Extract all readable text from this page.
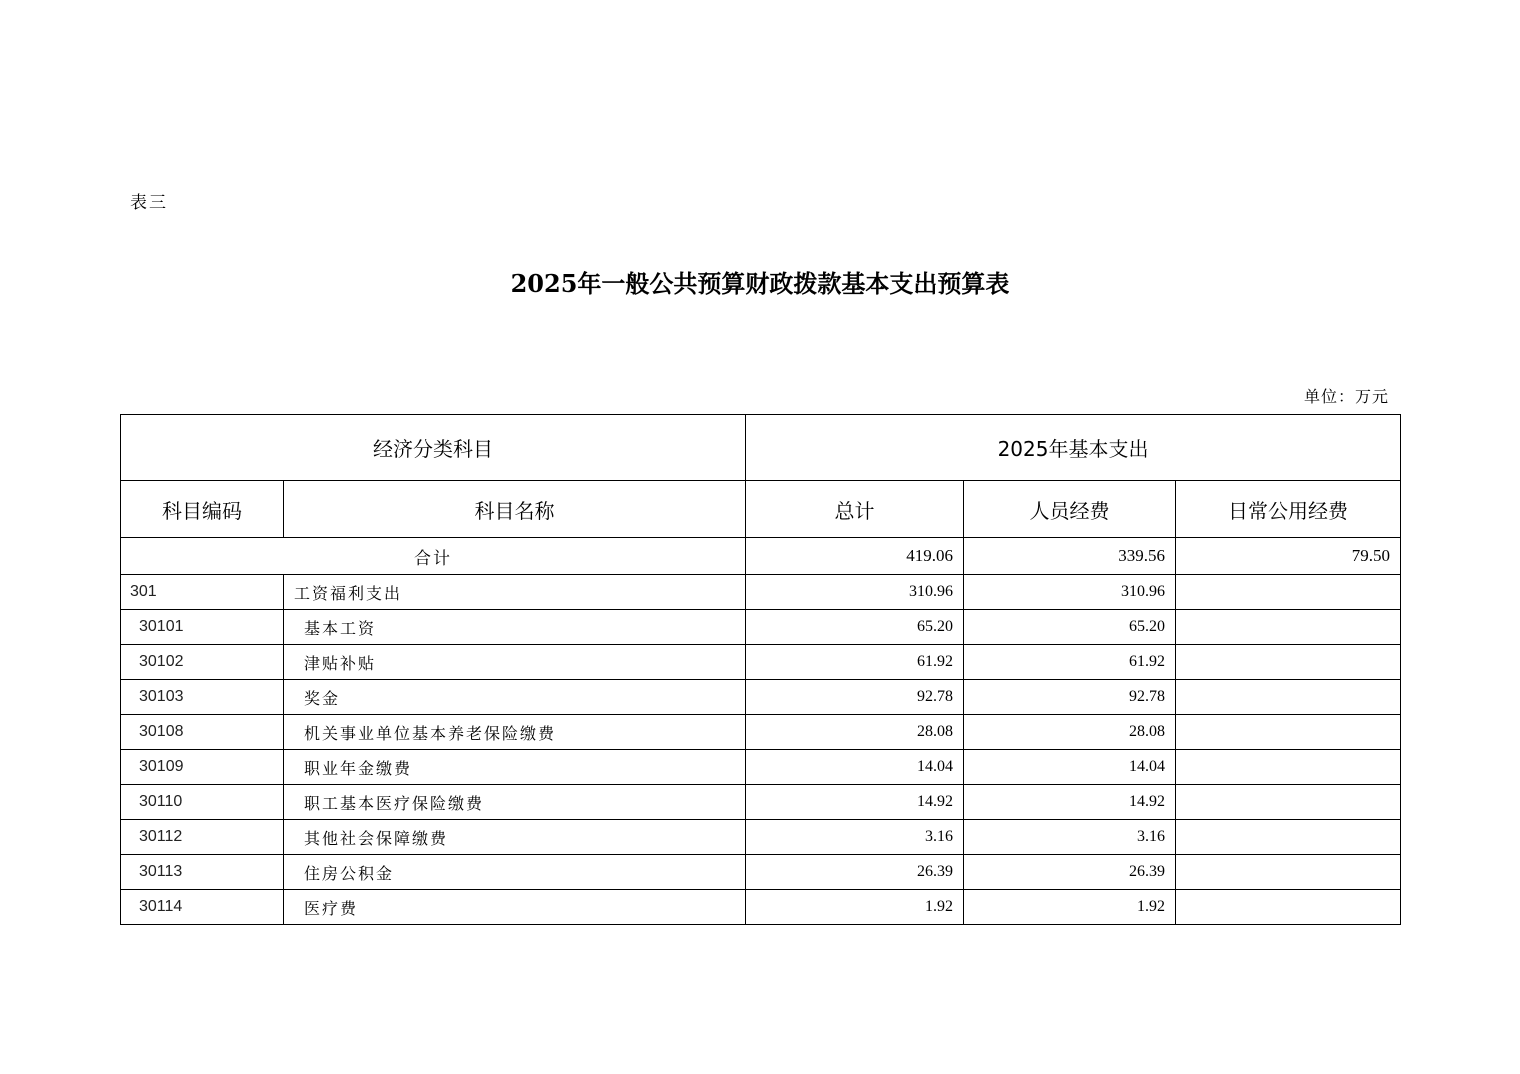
表三
2025年一般公共预算财政拨款基本支出预算表
单位：万元
经济分类科目		2025年基本支出		
科目编码	科目名称	总计	人员经费	日常公用经费
合计		419.06	339.56	79.50
301	工资福利支出	310.96	310.96	
30101	基本工资	65.20	65.20	
30102	津贴补贴	61.92	61.92	
30103	奖金	92.78	92.78	
30108	机关事业单位基本养老保险缴费	28.08	28.08	
30109	职业年金缴费	14.04	14.04	
30110	职工基本医疗保险缴费	14.92	14.92	
30112	其他社会保障缴费	3.16	3.16	
30113	住房公积金	26.39	26.39	
30114	医疗费	1.92	1.92	
